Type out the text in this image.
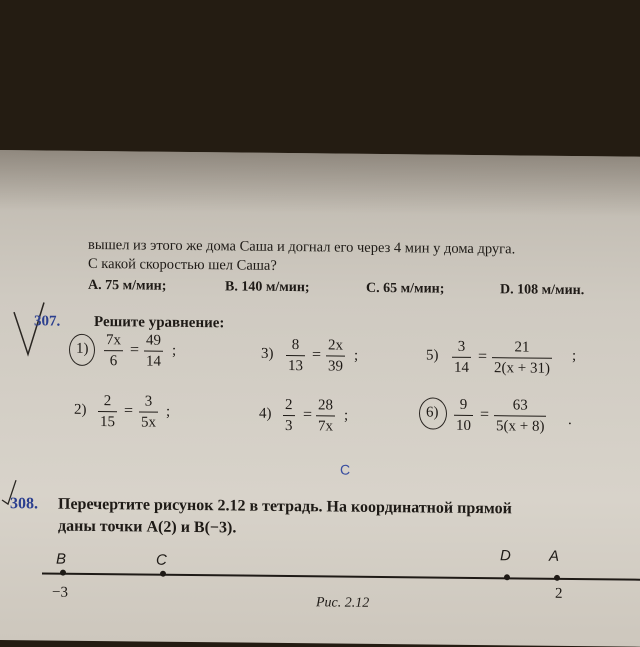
вышел из этого же дома Саша и догнал его через 4 мин у дома друга.
С какой скоростью шел Саша?
A. 75 м/мин;	B. 140 м/мин;	C. 65 м/мин;	D. 108 м/мин.
307. Решите уравнение:
1)
7x
6
=
49
14
;
2)
2
15
=
3
5x
;
3)
8
13
=
2x
39
;
4)
2
3
=
28
7x
;
5)
3
14
=
21
2(x + 31)
;
6) 9
10
=
63
5(x + 8) .
C
308. Перечертите рисунок 2.12 в тетрадь. На координатной прямой
даны точки A(2) и B(−3).
B	C	D	A
−3	2
Рис. 2.12
